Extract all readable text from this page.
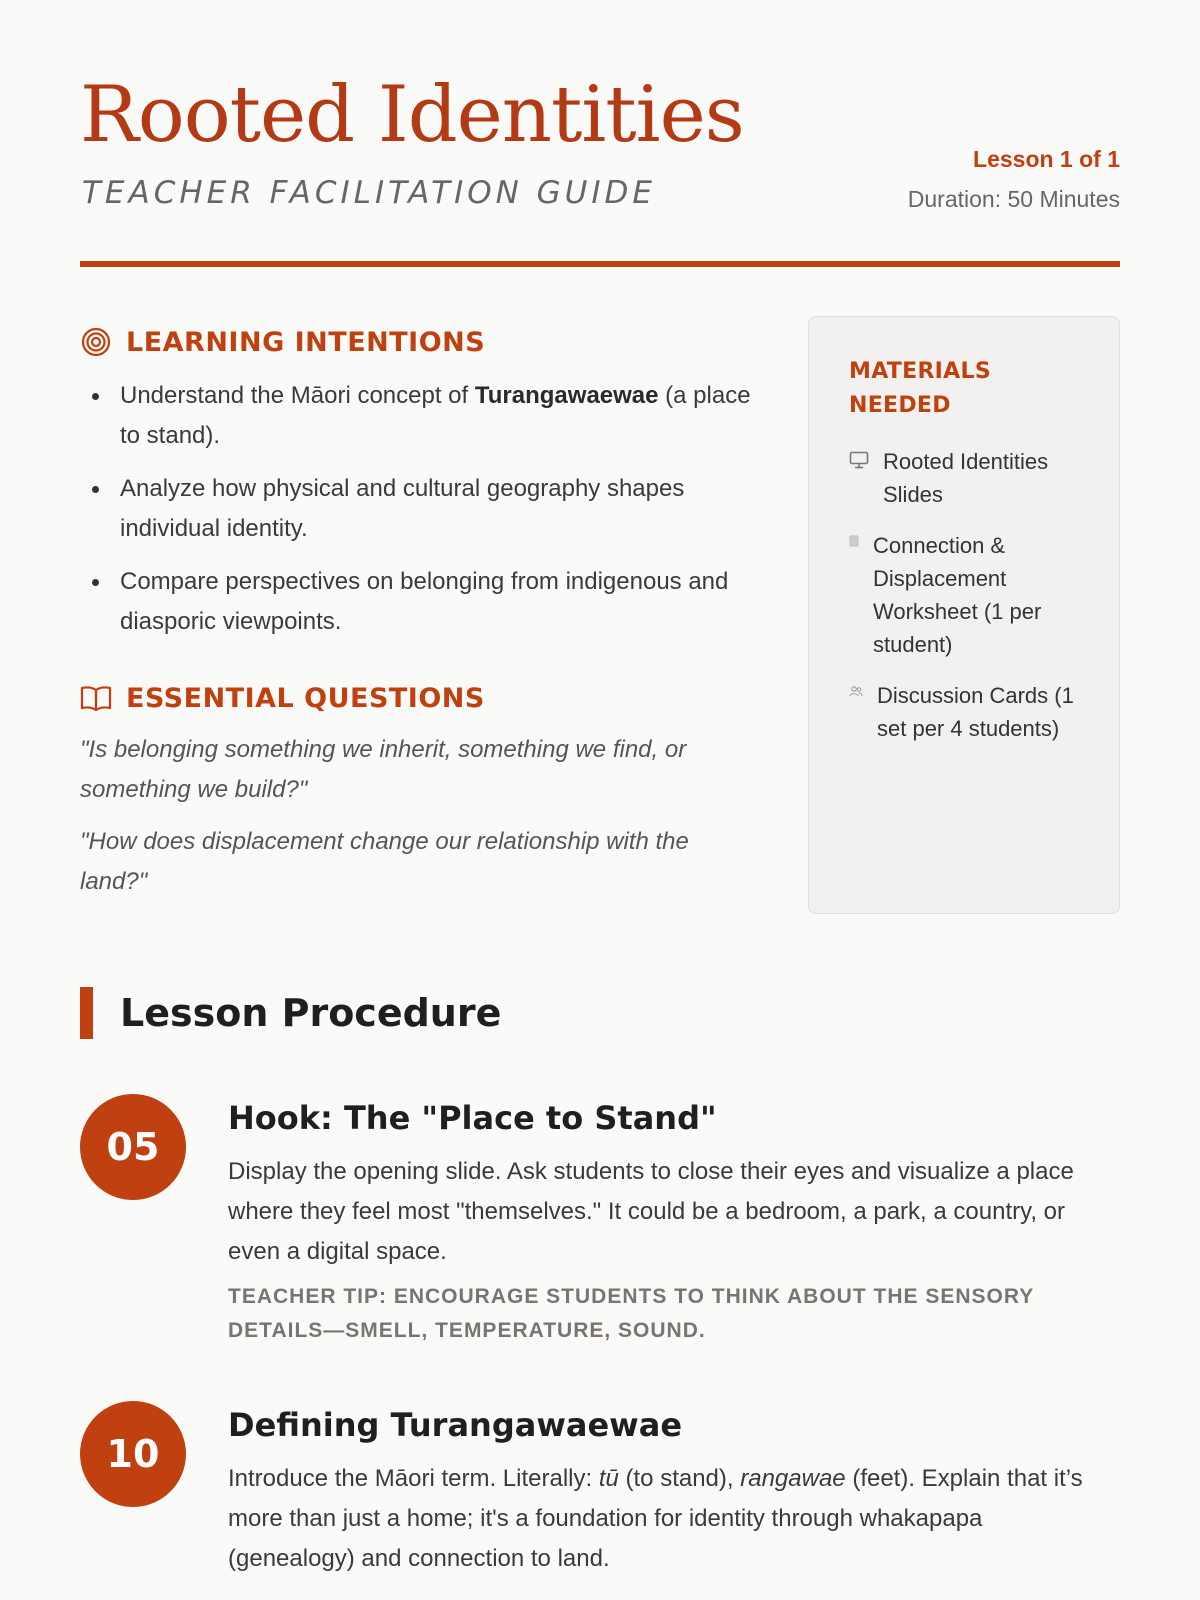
Rooted Identities
TEACHER FACILITATION GUIDE
Lesson 1 of 1
Duration: 50 Minutes
LEARNING INTENTIONS
Understand the Māori concept of Turangawaewae (a place to stand).
Analyze how physical and cultural geography shapes individual identity.
Compare perspectives on belonging from indigenous and diasporic viewpoints.
ESSENTIAL QUESTIONS

"Is belonging something we inherit, something we find, or something we build?"

"How does displacement change our relationship with the land?"

MATERIALS NEEDED
Rooted Identities Slides
Connection & Displacement Worksheet (1 per student)
Discussion Cards (1 set per 4 students)
Lesson Procedure
05
Hook: The "Place to Stand"

Display the opening slide. Ask students to close their eyes and visualize a place where they feel most "themselves." It could be a bedroom, a park, a country, or even a digital space.

TEACHER TIP: ENCOURAGE STUDENTS TO THINK ABOUT THE SENSORY DETAILS—SMELL, TEMPERATURE, SOUND.

10
Defining Turangawaewae

Introduce the Māori term. Literally: tū (to stand), rangawae (feet). Explain that it’s more than just a home; it's a foundation for identity through whakapapa (genealogy) and connection to land.
